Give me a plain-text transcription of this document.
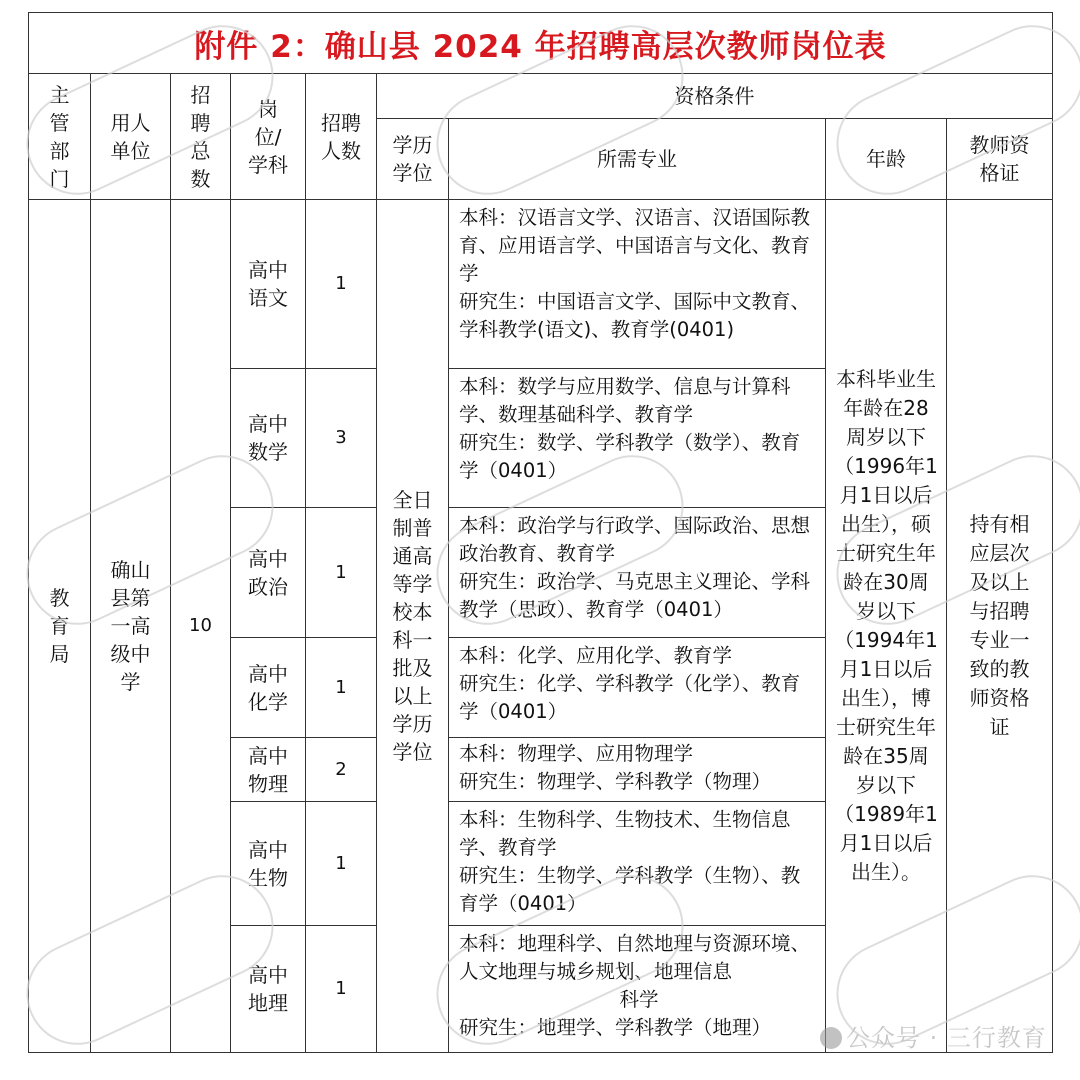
附件 2：确山县 2024 年招聘高层次教师岗位表								

主管部门	用人单位	招聘总数	岗位/学科	招聘人数	资格条件			

					学历学位	所需专业	年龄	教师资格证

教育局	确山县第一高级中学	10	高中语文	1	全日制普通高等学校本科一批及以上学历学位	本科：汉语言文学、汉语言、汉语国际教育、应用语言学、中国语言与文化、教育学
研究生：中国语言文学、国际中文教育、学科教学(语文)、教育学(0401)	本科毕业生年龄在28周岁以下（1996年1月1日以后出生），硕士研究生年龄在30周岁以下（1994年1月1日以后出生），博士研究生年龄在35周岁以下（1989年1月1日以后出生）。	持有相应层次及以上与招聘专业一致的教师资格证

			高中数学	3		本科：数学与应用数学、信息与计算科学、数理基础科学、教育学
研究生：数学、学科教学（数学）、教育学（0401）		

			高中政治	1		本科：政治学与行政学、国际政治、思想政治教育、教育学
研究生：政治学、马克思主义理论、学科教学（思政）、教育学（0401）		

			高中化学	1		本科：化学、应用化学、教育学
研究生：化学、学科教学（化学）、教育学（0401）		

			高中物理	2		本科：物理学、应用物理学
研究生：物理学、学科教学（物理）		

			高中生物	1		本科：生物科学、生物技术、生物信息学、教育学
研究生：生物学、学科教学（生物）、教育学（0401）		

			高中地理	1		本科：地理科学、自然地理与资源环境、人文地理与城乡规划、地理信息
科学
研究生：地理学、学科教学（地理）			公众号 · 三行教育
